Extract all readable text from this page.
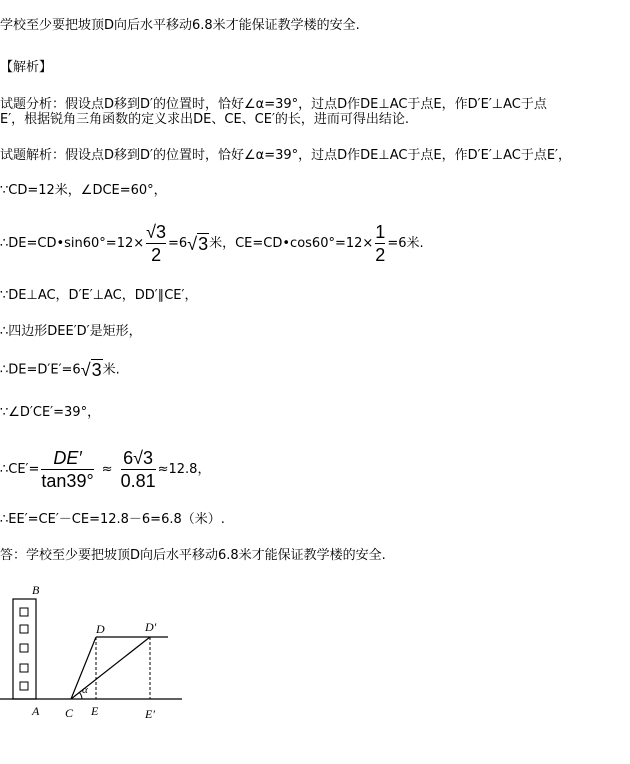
学校至少要把坡顶D向后水平移动6.8米才能保证教学楼的安全.
【解析】
试题分析：假设点D移到D′的位置时，恰好∠α=39°，过点D作DE⊥AC于点E，作D′E′⊥AC于点
E′，根据锐角三角函数的定义求出DE、CE、CE′的长，进而可得出结论.
试题解析：假设点D移到D′的位置时，恰好∠α=39°，过点D作DE⊥AC于点E，作D′E′⊥AC于点E′，
∵CD=12米，∠DCE=60°，
∴DE=CD•sin60°=12× $\frac{√3}{2} =6√3$米，CE=CD•cos60°=12× $\frac{1}{2} =6$米.
∵DE⊥AC，D′E′⊥AC，DD′∥CE′，
∴四边形DEE′D′是矩形，
∴DE=D′E′=6√3米.
∵∠D′CE′=39°，
∴CE′= $\frac{DE'}{\tan 39^\circ} \approx \frac{6√3}{0.81} \approx 12.8$，
∴EE′=CE′－CE=12.8－6=6.8（米）.
答：学校至少要把坡顶D向后水平移动6.8米才能保证教学楼的安全.
B
A C E	E′
D	D′
α
